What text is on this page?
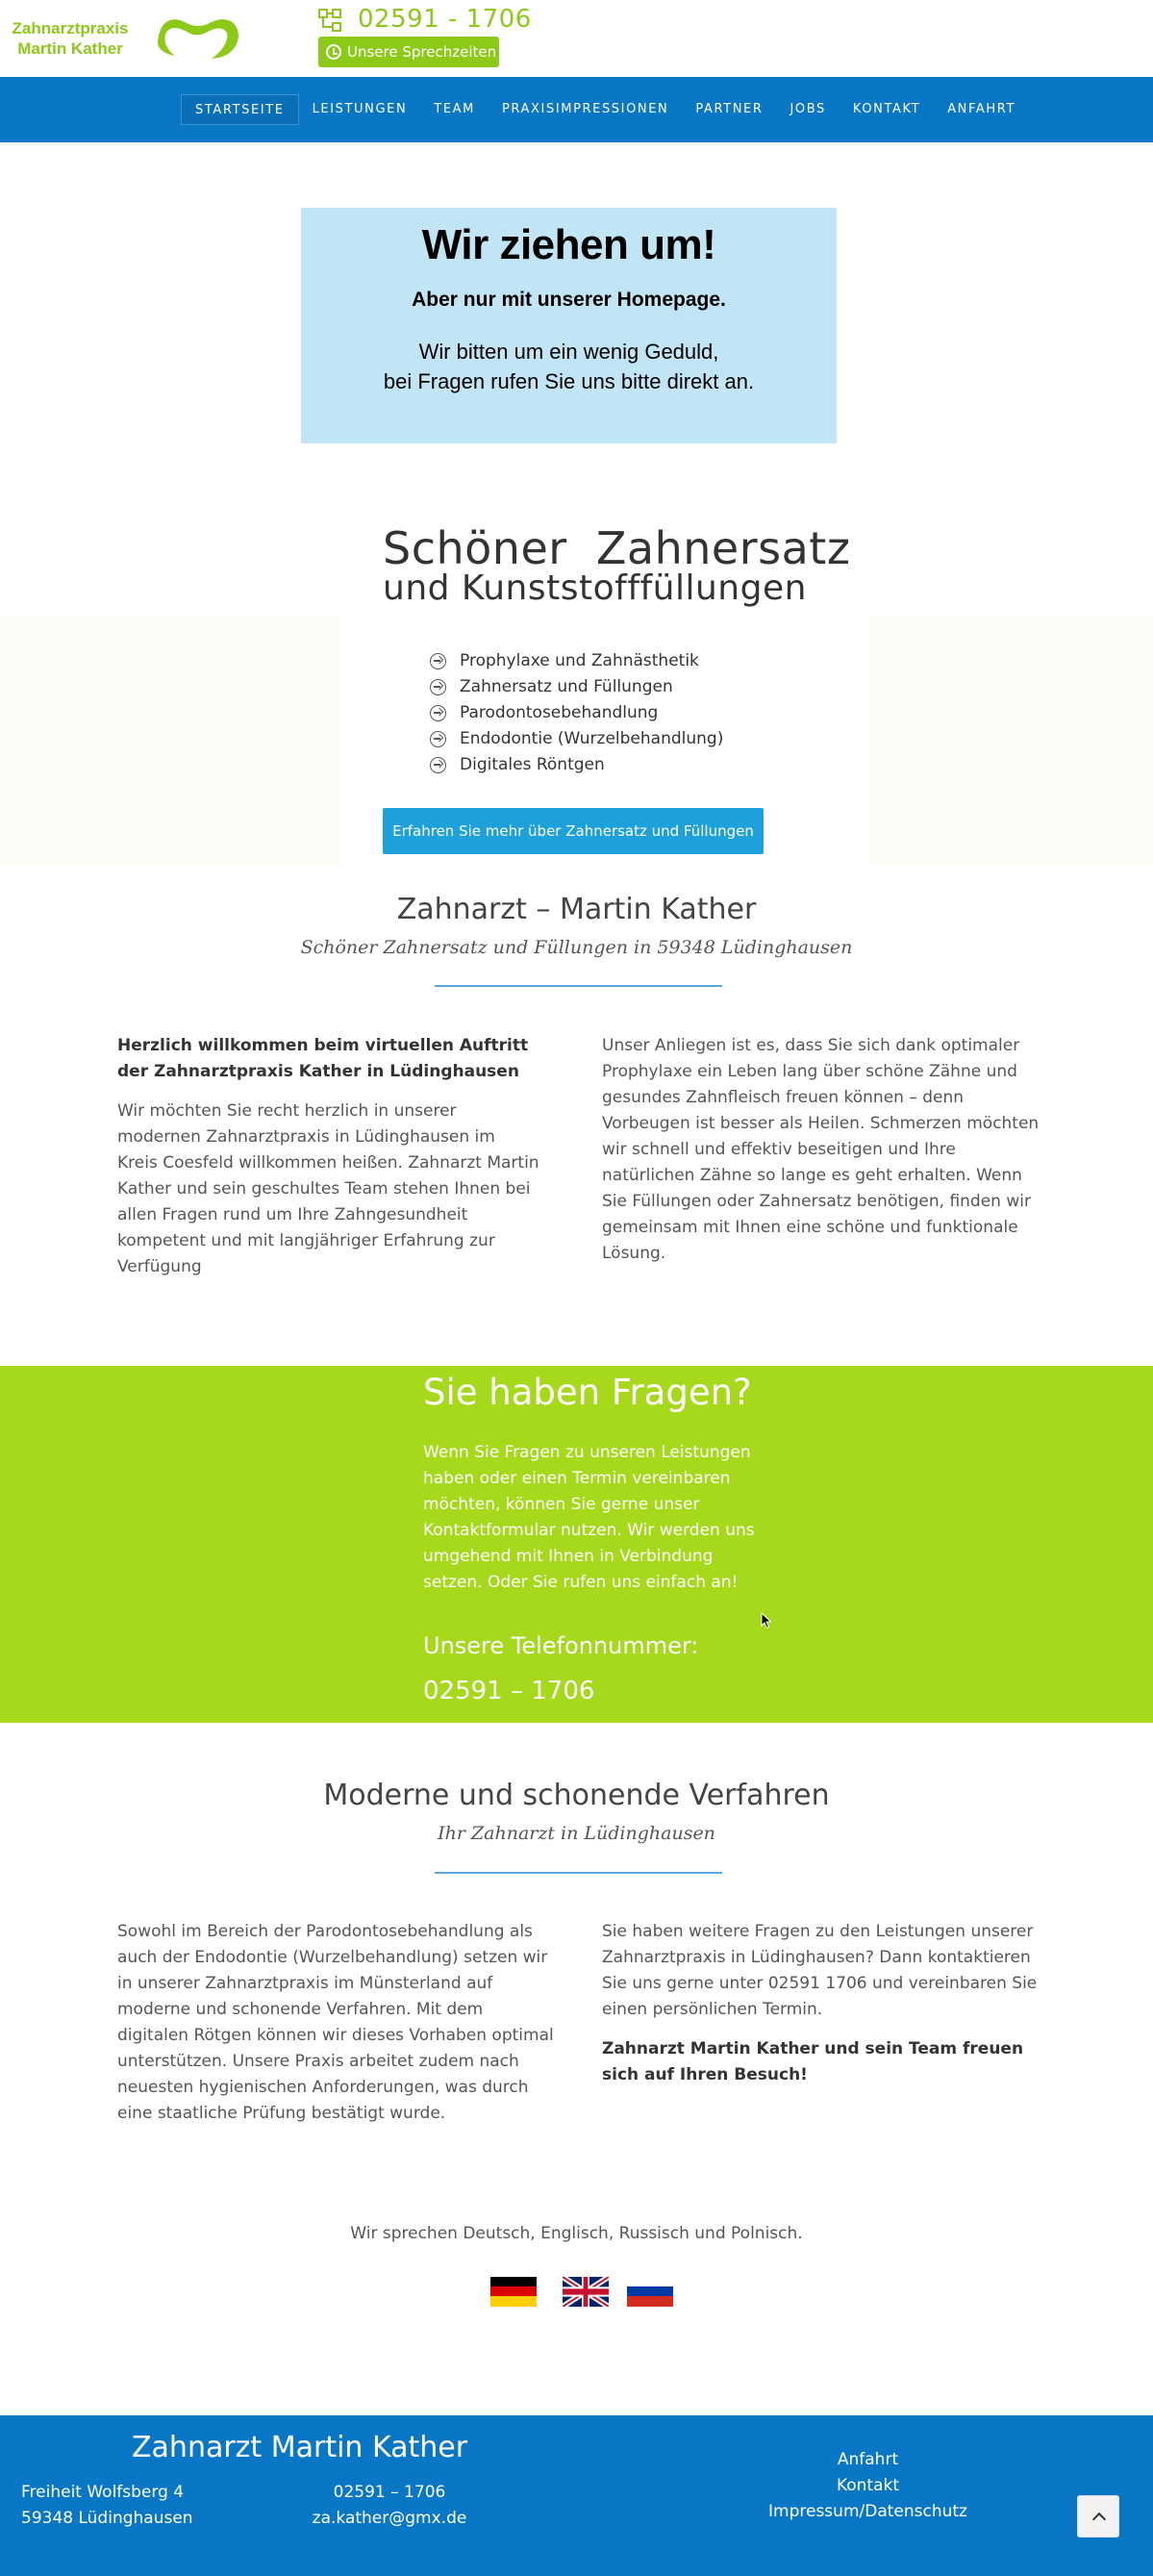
Zahnarztpraxis
Martin Kather
02591 - 1706
Unsere Sprechzeiten
STARTSEITE	LEISTUNGEN	TEAM	PRAXISIMPRESSIONEN	PARTNER	JOBS	KONTAKT	ANFAHRT
Wir ziehen um!
Aber nur mit unserer Homepage.
Wir bitten um ein wenig Geduld,
bei Fragen rufen Sie uns bitte direkt an.
Schöner  Zahnersatz
und Kunststofffüllungen
Prophylaxe und Zahnästhetik
Zahnersatz und Füllungen
Parodontosebehandlung
Endodontie (Wurzelbehandlung)
Digitales Röntgen
Erfahren Sie mehr über Zahnersatz und Füllungen
Zahnarzt – Martin Kather
Schöner Zahnersatz und Füllungen in 59348 Lüdinghausen
Herzlich willkommen beim virtuellen Auftritt der Zahnarztpraxis Kather in Lüdinghausen
Wir möchten Sie recht herzlich in unserer modernen Zahnarztpraxis in Lüdinghausen im Kreis Coesfeld willkommen heißen. Zahnarzt Martin Kather und sein geschultes Team stehen Ihnen bei allen Fragen rund um Ihre Zahngesundheit kompetent und mit langjähriger Erfahrung zur Verfügung
Unser Anliegen ist es, dass Sie sich dank optimaler Prophylaxe ein Leben lang über schöne Zähne und gesundes Zahnfleisch freuen können – denn Vorbeugen ist besser als Heilen. Schmerzen möchten wir schnell und effektiv beseitigen und Ihre natürlichen Zähne so lange es geht erhalten. Wenn Sie Füllungen oder Zahnersatz benötigen, finden wir gemeinsam mit Ihnen eine schöne und funktionale Lösung.
Sie haben Fragen?
Wenn Sie Fragen zu unseren Leistungen haben oder einen Termin vereinbaren möchten, können Sie gerne unser Kontaktformular nutzen. Wir werden uns umgehend mit Ihnen in Verbindung setzen. Oder Sie rufen uns einfach an!
Unsere Telefonnummer:
02591 – 1706
Moderne und schonende Verfahren
Ihr Zahnarzt in Lüdinghausen
Sowohl im Bereich der Parodontosebehandlung als auch der Endodontie (Wurzelbehandlung) setzen wir in unserer Zahnarztpraxis im Münsterland auf moderne und schonende Verfahren. Mit dem digitalen Rötgen können wir dieses Vorhaben optimal unterstützen. Unsere Praxis arbeitet zudem nach neuesten hygienischen Anforderungen, was durch eine staatliche Prüfung bestätigt wurde.
Sie haben weitere Fragen zu den Leistungen unserer Zahnarztpraxis in Lüdinghausen? Dann kontaktieren Sie uns gerne unter 02591 1706 und vereinbaren Sie einen persönlichen Termin.
Zahnarzt Martin Kather und sein Team freuen sich auf Ihren Besuch!
Wir sprechen Deutsch, Englisch, Russisch und Polnisch.
Zahnarzt Martin Kather
Freiheit Wolfsberg 4
59348 Lüdinghausen
02591 – 1706
za.kather@gmx.de
Anfahrt
Kontakt
Impressum/Datenschutz
